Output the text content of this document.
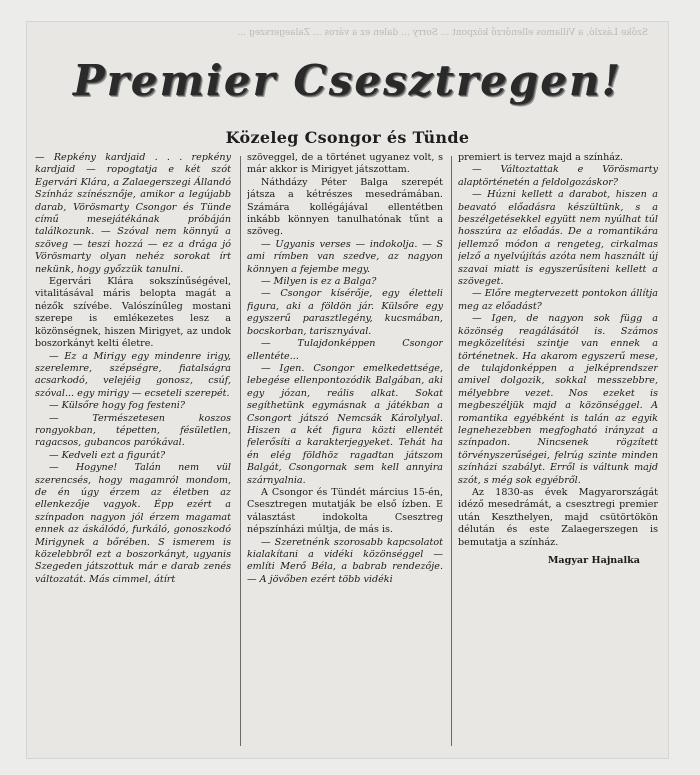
Szőke László, a Villamos ellenőrző központ ... Sorry ... dalen ez a város ... Zalaegerszeg ...
Premier Csesztregen!
Közeleg Csongor és Tünde

— Repkény kardjaid . . . repkény kardjaid — ropogtatja e két szót Egervári Klára, a Zalaegerszegi Állandó Színház színésznője, amikor a legújabb darab, Vörösmarty Csongor és Tünde című mesejátékának próbáján találkozunk. — Szóval nem könnyű a szöveg — teszi hozzá — ez a drága jó Vörösmarty olyan nehéz sorokat írt nekünk, hogy győzzük tanulni.

Egervári Klára sokszínűségével, vitalitásával máris belopta magát a nézők szívébe. Valószínűleg mostani szerepe is emlékezetes lesz a közönségnek, hiszen Mirigyet, az undok boszorkányt kelti életre.

— Ez a Mirigy egy mindenre irigy, szerelemre, szépségre, fiatalságra acsarkodó, velejéig gonosz, csúf, szóval... egy mirigy — ecseteli szerepét.

— Külsőre hogy fog festeni?

— Természetesen koszos rongyokban, tépetten, fésületlen, ragacsos, gubancos parókával.

— Kedveli ezt a figurát?

— Hogyne! Talán nem vül szerencsés, hogy magamról mondom, de én úgy érzem az életben az ellenkezője vagyok. Épp ezért a színpadon nagyon jól érzem magamat ennek az áskálódó, furkáló, gonoszkodó Mirigynek a bőrében. S ismerem is közelebbről ezt a boszorkányt, ugyanis Szegeden játszottuk már e darab zenés változatát. Más cimmel, átírt

szöveggel, de a történet ugyanez volt, s már akkor is Mirigyet játszottam.

Náthdázy Péter Balga szerepét játsza a kétrészes mesedrámában. Számára kollégájával ellentétben inkább könnyen tanulhatónak tűnt a szöveg.

— Ugyanis verses — indokolja. — S ami rímben van szedve, az nagyon könnyen a fejembe megy.

— Milyen is ez a Balga?

— Csongor kísérője, egy életteli figura, aki a földön jár. Külsőre egy egyszerű parasztlegény, kucsmában, bocskorban, tarisznyával.

— Tulajdonképpen Csongor ellentéte...

— Igen. Csongor emelkedettsége, lebegése ellenpontozódik Balgában, aki egy józan, reális alkat. Sokat segíthetünk egymásnak a játékban a Csongort játszó Nemcsák Károlylyal. Hiszen a két figura közti ellentét felerősíti a karakterjegyeket. Tehát ha én elég földhöz ragadtan játszom Balgát, Csongornak sem kell annyira szárnyalnia.

A Csongor és Tündét március 15-én, Csesztregen mutatják be első ízben. E választást indokolta Csesztreg népszínházi múltja, de más is.

— Szeretnénk szorosabb kapcsolatot kialakítani a vidéki közönséggel — említi Merő Béla, a babrab rendezője. — A jövőben ezért több vidéki

premiert is tervez majd a színház.

— Változtattak e Vörösmarty alaptörténetén a feldolgozáskor?

— Húzni kellett a darabot, hiszen a beavató előadásra készültünk, s a beszélgetésekkel együtt nem nyúlhat túl hosszúra az előadás. De a romantikára jellemző módon a rengeteg, cirkalmas jelző a nyelvújítás azóta nem használt új szavai miatt is egyszerűsíteni kellett a szöveget.

— Előre megtervezett pontokon állítja meg az előadást?

— Igen, de nagyon sok függ a közönség reagálásától is. Számos megközelítési szintje van ennek a történetnek. Ha akarom egyszerű mese, de tulajdonképpen a jelképrendszer amivel dolgozik, sokkal messzebbre, mélyebbre vezet. Nos ezeket is megbeszéljük majd a közönséggel. A romantika egyébként is talán az egyik legnehezebben megfogható irányzat a színpadon. Nincsenek rögzített törvényszerűségei, felrúg szinte minden színházi szabályt. Erről is váltunk majd szót, s még sok egyébről.

Az 1830-as évek Magyarországát idéző mesedrámát, a csesztregi premier után Keszthelyen, majd csütörtökön délután és este Zalaegerszegen is bemutatja a színház.

Magyar Hajnalka
